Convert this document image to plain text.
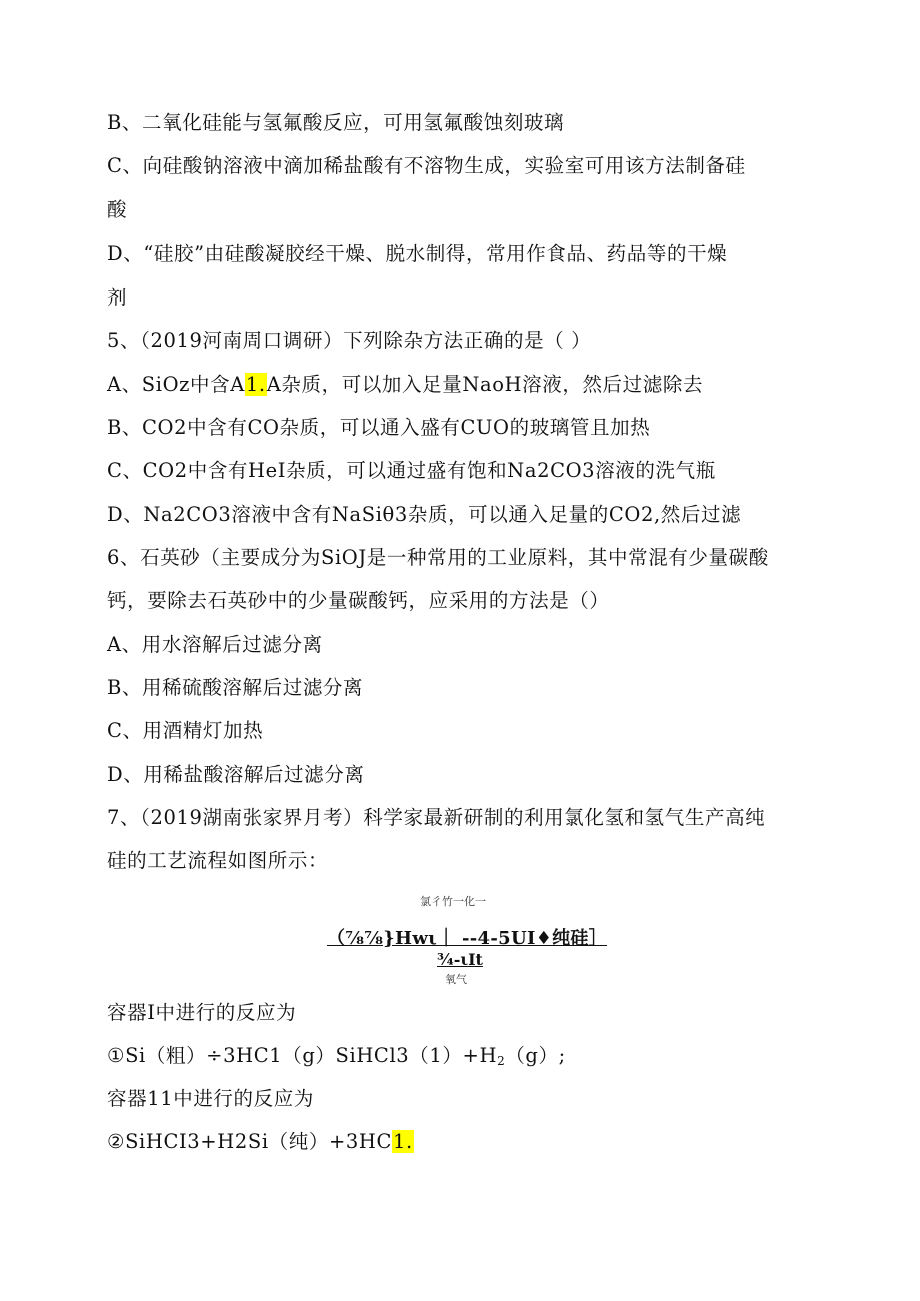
B、二氧化硅能与氢氟酸反应，可用氢氟酸蚀刻玻璃
C、向硅酸钠溶液中滴加稀盐酸有不溶物生成，实验室可用该方法制备硅
酸
D、“硅胶”由硅酸凝胶经干燥、脱水制得，常用作食品、药品等的干燥
剂
5、（2019河南周口调研）下列除杂方法正确的是（ ）
A、SiOz中含A1.A杂质，可以加入足量NaoH溶液，然后过滤除去
B、CO2中含有CO杂质，可以通入盛有CUO的玻璃管且加热
C、CO2中含有HeI杂质，可以通过盛有饱和Na2CO3溶液的洗气瓶
D、Na2CO3溶液中含有NaSiθ3杂质，可以通入足量的CO2,然后过滤
6、石英砂（主要成分为SiOJ是一种常用的工业原料，其中常混有少量碳酸
钙，要除去石英砂中的少量碳酸钙，应采用的方法是（）
A、用水溶解后过滤分离
B、用稀硫酸溶解后过滤分离
C、用酒精灯加热
D、用稀盐酸溶解后过滤分离
7、（2019湖南张家界月考）科学家最新研制的利用氯化氢和氢气生产高纯
硅的工艺流程如图所示：
氯彳竹一化一
（⅞⅞}Hwι｜ --4-5UI♦纯硅］
¾-ιIt
氧气
容器I中进行的反应为
①Si（粗）$\div 3HC1(g)SiHCl3(1)+H_2(g)$;
容器11中进行的反应为
②SiHCI3+H2Si（纯）+3HC1.
